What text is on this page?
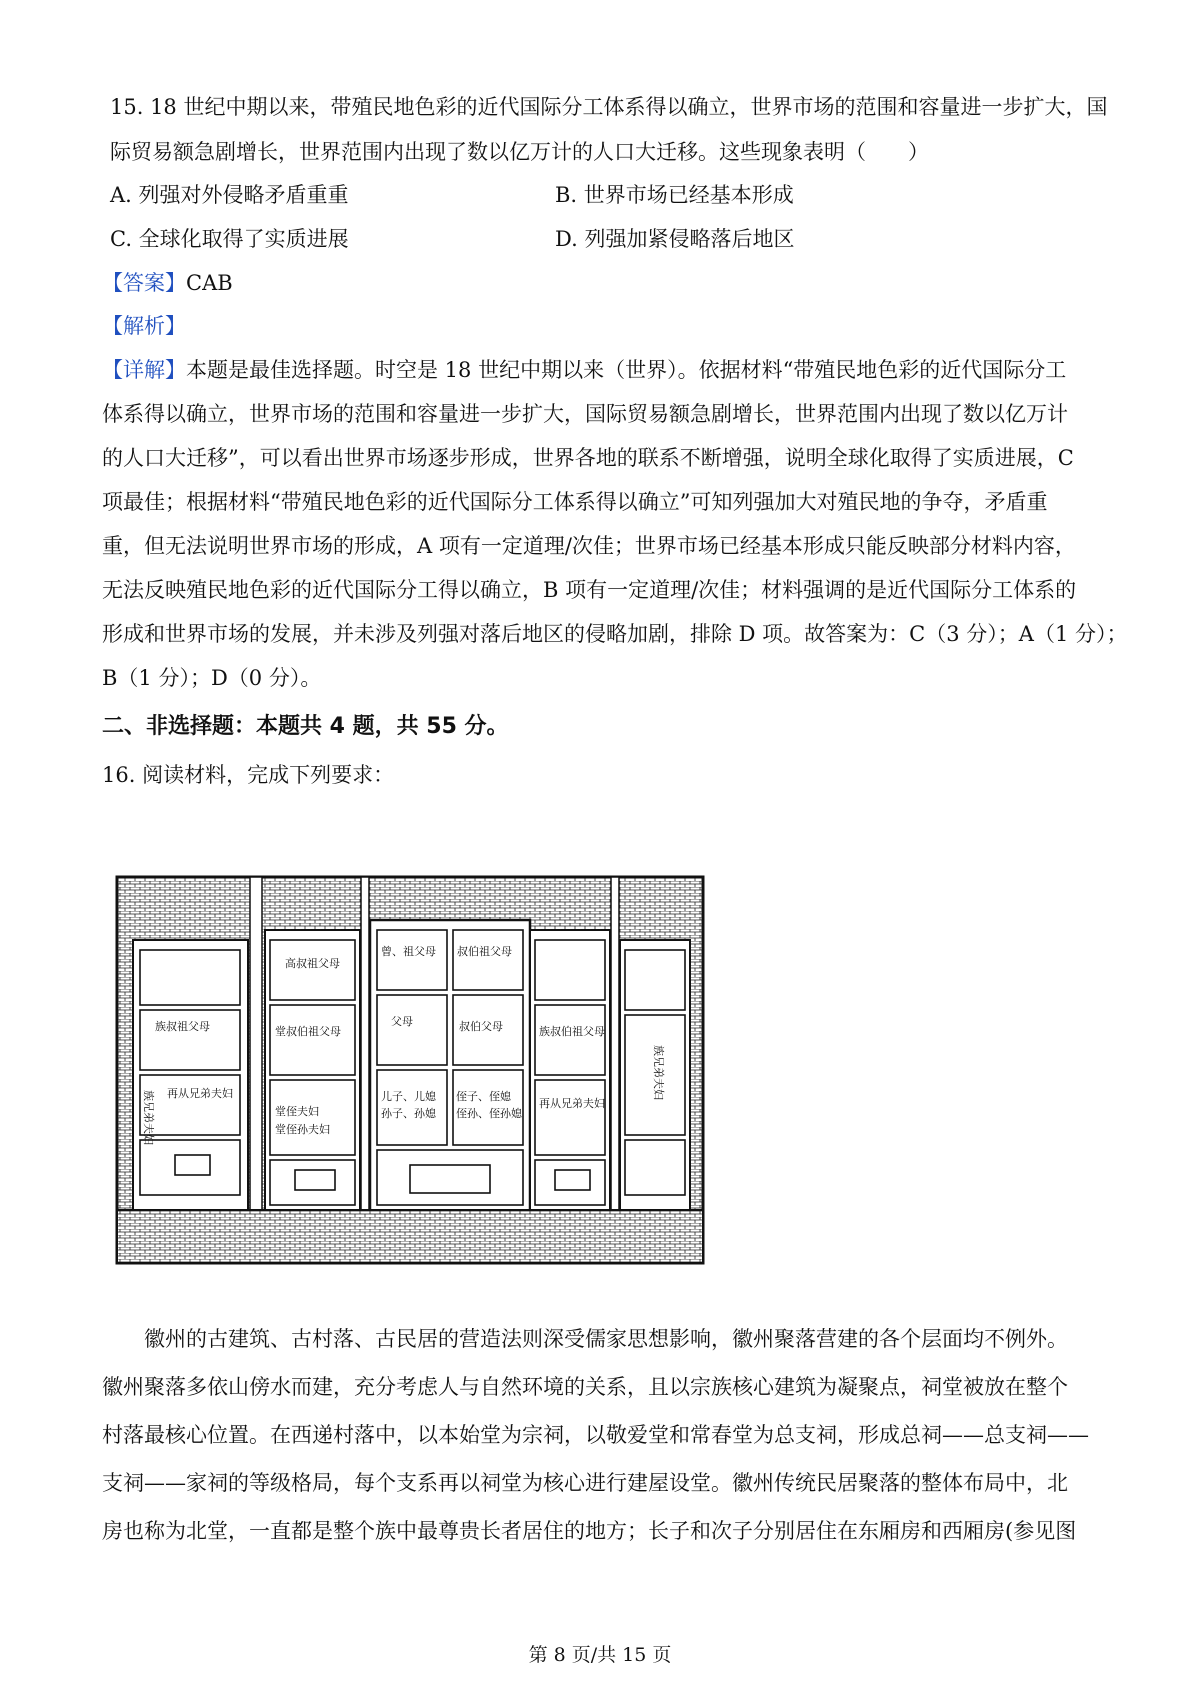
15. 18 世纪中期以来，带殖民地色彩的近代国际分工体系得以确立，世界市场的范围和容量进一步扩大，国
际贸易额急剧增长，世界范围内出现了数以亿万计的人口大迁移。这些现象表明（　　）
A. 列强对外侵略矛盾重重	B. 世界市场已经基本形成
C. 全球化取得了实质进展	D. 列强加紧侵略落后地区
【答案】CAB
【解析】
【详解】本题是最佳选择题。时空是 18 世纪中期以来（世界）。依据材料“带殖民地色彩的近代国际分工
体系得以确立，世界市场的范围和容量进一步扩大，国际贸易额急剧增长，世界范围内出现了数以亿万计
的人口大迁移”，可以看出世界市场逐步形成，世界各地的联系不断增强，说明全球化取得了实质进展，C
项最佳；根据材料“带殖民地色彩的近代国际分工体系得以确立”可知列强加大对殖民地的争夺，矛盾重
重，但无法说明世界市场的形成，A 项有一定道理/次佳；世界市场已经基本形成只能反映部分材料内容，
无法反映殖民地色彩的近代国际分工得以确立，B 项有一定道理/次佳；材料强调的是近代国际分工体系的
形成和世界市场的发展，并未涉及列强对落后地区的侵略加剧，排除 D 项。故答案为：C（3 分）；A（1 分）；
B（1 分）；D（0 分）。
二、非选择题：本题共 4 题，共 55 分。
16. 阅读材料，完成下列要求：
高叔祖父母
族叔祖父母	堂叔伯祖父母
族兄弟夫妇 再从兄弟夫妇
堂侄夫妇
堂侄孙夫妇
曾、祖父母 叔伯祖父母
父母	叔伯父母
儿子、儿媳
孙子、孙媳
侄子、侄媳
侄孙、侄孙媳
族叔伯祖父母
再从兄弟夫妇
族兄弟夫妇
　　徽州的古建筑、古村落、古民居的营造法则深受儒家思想影响，徽州聚落营建的各个层面均不例外。
徽州聚落多依山傍水而建，充分考虑人与自然环境的关系，且以宗族核心建筑为凝聚点，祠堂被放在整个
村落最核心位置。在西递村落中，以本始堂为宗祠，以敬爱堂和常春堂为总支祠，形成总祠——总支祠——
支祠——家祠的等级格局，每个支系再以祠堂为核心进行建屋设堂。徽州传统民居聚落的整体布局中，北
房也称为北堂，一直都是整个族中最尊贵长者居住的地方；长子和次子分别居住在东厢房和西厢房(参见图
第 8 页/共 15 页
